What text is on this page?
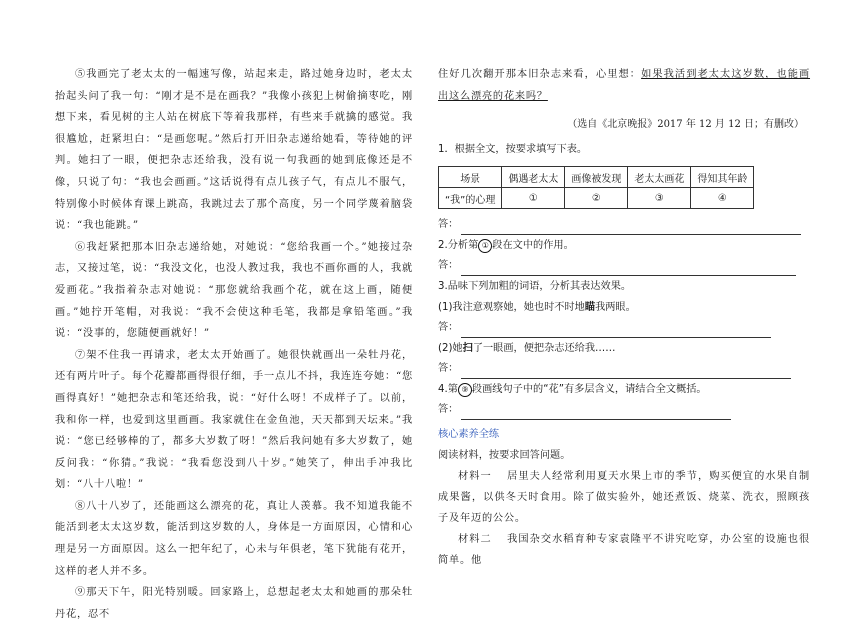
⑤我画完了老太太的一幅速写像，站起来走，路过她身边时，老太太抬起头问了我一句：“刚才是不是在画我？”我像小孩犯上树偷摘枣吃，刚想下来，看见树的主人站在树底下等着我那样，有些来手就擒的感觉。我很尴尬，赶紧坦白：“是画您呢。”然后打开旧杂志递给她看，等待她的评判。她扫了一眼，便把杂志还给我，没有说一句我画的她到底像还是不像，只说了句：“我也会画画。”这话说得有点儿孩子气，有点儿不服气，特别像小时候体育课上跳高，我跳过去了那个高度，另一个同学蔑着脑袋说：“我也能跳。”

⑥我赶紧把那本旧杂志递给她，对她说：“您给我画一个。”她接过杂志，又接过笔，说：“我没文化，也没人教过我，我也不画你画的人，我就爱画花。”我指着杂志对她说：“那您就给我画个花，就在这上画，随便画。”她拧开笔帽，对我说：“我不会使这种毛笔，我都是拿铅笔画。”我说：“没事的，您随便画就好！”

⑦架不住我一再请求，老太太开始画了。她很快就画出一朵牡丹花，还有两片叶子。每个花瓣都画得很仔细，手一点儿不抖，我连连夸她：“您画得真好！”她把杂志和笔还给我，说：“好什么呀！不成样子了。以前，我和你一样，也爱到这里画画。我家就住在金鱼池，天天都到天坛来。”我说：“您已经够棒的了，都多大岁数了呀！”然后我问她有多大岁数了，她反问我：“你猜。”我说：“我看您没到八十岁。”她笑了，伸出手冲我比划：“八十八啦！”

⑧八十八岁了，还能画这么漂亮的花，真让人羡慕。我不知道我能不能活到老太太这岁数，能活到这岁数的人，身体是一方面原因，心情和心理是另一方面原因。这么一把年纪了，心未与年俱老，笔下犹能有花开，这样的老人并不多。

⑨那天下午，阳光特别暖。回家路上，总想起老太太和她画的那朵牡丹花，忍不

住好几次翻开那本旧杂志来看，心里想：如果我活到老太太这岁数，也能画出这么漂亮的花来吗？

（选自《北京晚报》2017 年 12 月 12 日；有删改）

1．根据全文，按要求填写下表。

场景	偶遇老太太	画像被发现	老太太画花	得知其年龄
“我”的心理	①	②	③	④
答：

2.分析第 ① 段在文中的作用。

答：

3.品味下列加粗的词语，分析其表达效果。

(1)我注意观察她，她也时不时地瞄我两眼。

答：

(2)她扫了一眼画，便把杂志还给我……

答：

4.第 ⑨ 段画线句子中的“花”有多层含义，请结合全文概括。

答：

核心素养全练

阅读材料，按要求回答问题。

材料一　 居里夫人经常利用夏天水果上市的季节，购买便宜的水果自制成果酱，以供冬天时食用。除了做实验外，她还煮饭、烧菜、洗衣，照顾孩子及年迈的公公。

材料二　 我国杂交水稻育种专家袁隆平不讲究吃穿，办公室的设施也很简单。他
